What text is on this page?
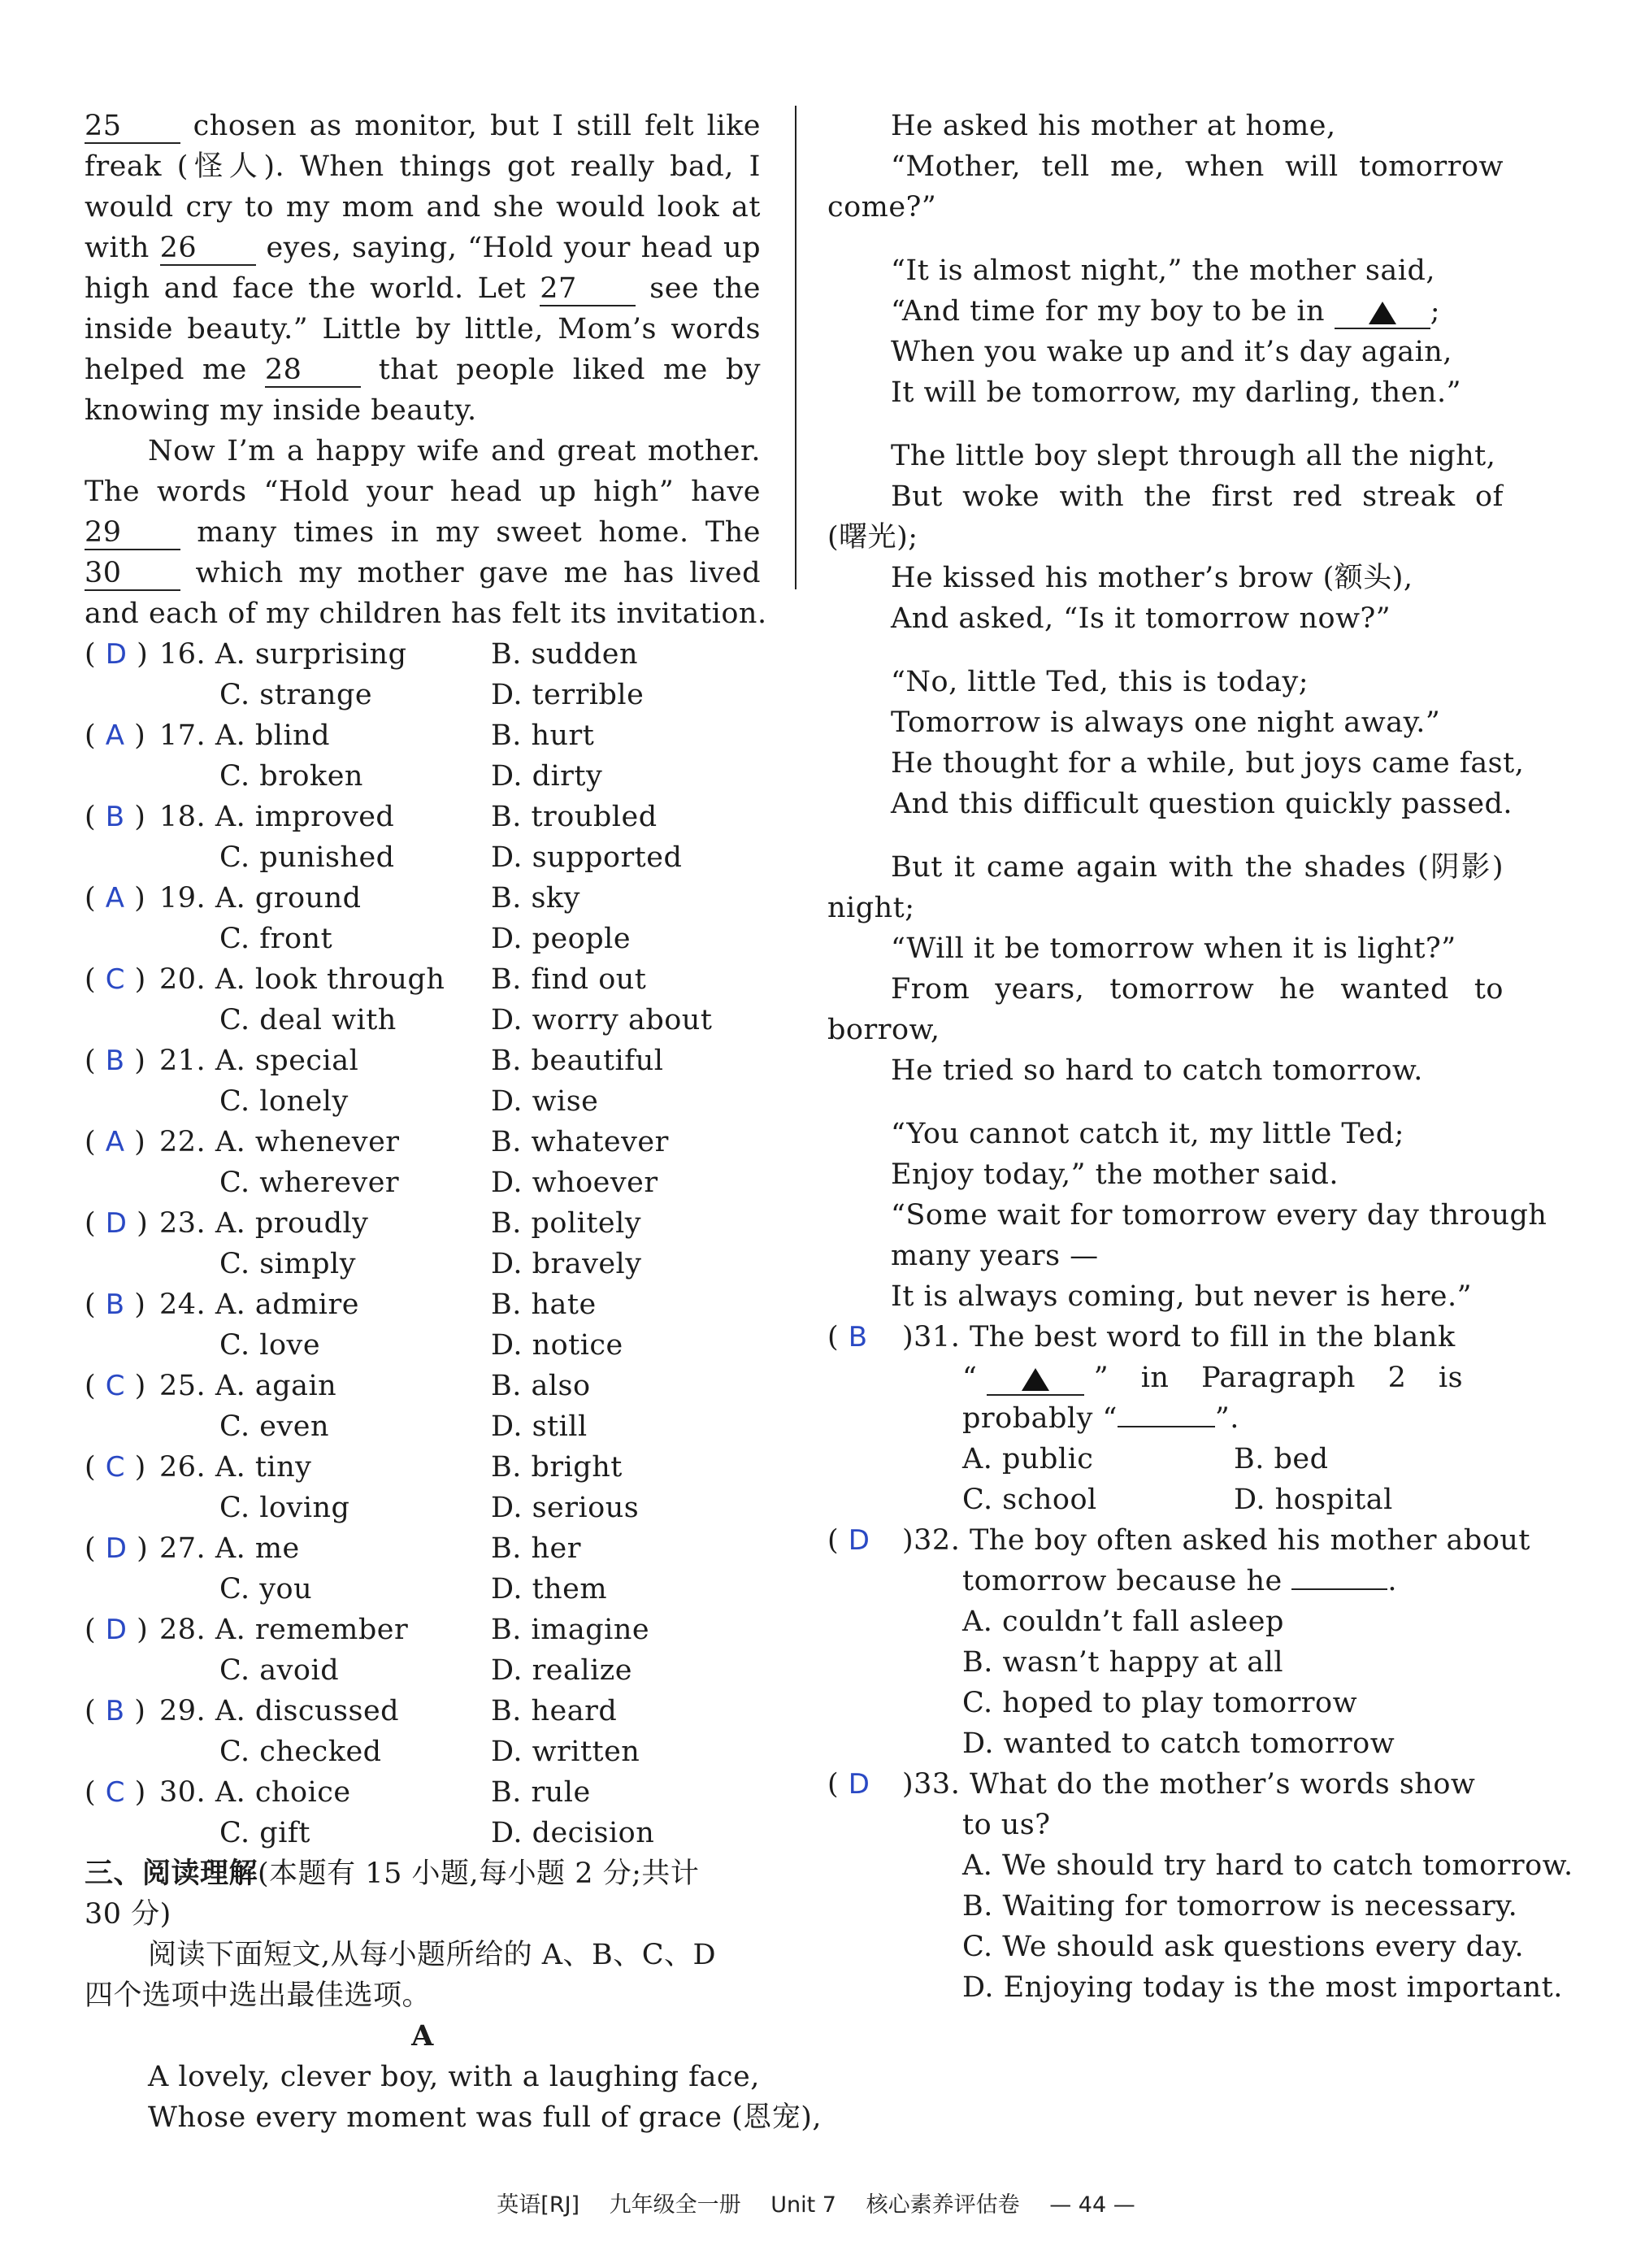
25	chosen as monitor, but I still felt like
freak (怪人). When things got really bad, I
would cry to my mom and she would look at
with 26 eyes, saying, “Hold your head up
high and face the world. Let 27 see the
inside beauty.” Little by little, Mom’s words
helped me 28 that people liked me by
knowing my inside beauty.
Now I’m a happy wife and great mother.
The words “Hold your head up high” have
29 many times in my sweet home. The
30	which my mother gave me has lived
and each of my children has felt its invitation.
( D ) 16. A. surprising	B. sudden
C. strange	D. terrible
( A ) 17. A. blind	B. hurt
C. broken	D. dirty
( B ) 18. A. improved	B. troubled
C. punished	D. supported
( A ) 19. A. ground	B. sky
C. front	D. people
( C ) 20. A. look through B. find out
C. deal with	D. worry about
( B ) 21. A. special	B. beautiful
C. lonely	D. wise
( A ) 22. A. whenever	B. whatever
C. wherever	D. whoever
( D ) 23. A. proudly	B. politely
C. simply	D. bravely
( B ) 24. A. admire	B. hate
C. love	D. notice
( C ) 25. A. again	B. also
C. even	D. still
( C ) 26. A. tiny	B. bright
C. loving	D. serious
( D ) 27. A. me	B. her
C. you	D. them
( D ) 28. A. remember	B. imagine
C. avoid	D. realize
( B ) 29. A. discussed	B. heard
C. checked	D. written
( C ) 30. A. choice	B. rule
C. gift	D. decision
三、阅读理解(本题有 15 小题,每小题 2 分;共计
30 分)
阅读下面短文,从每小题所给的 A、B、C、D
四个选项中选出最佳选项。
A
A lovely, clever boy, with a laughing face,
Whose every moment was full of grace (恩宠),
He asked his mother at home,
“Mother, tell me, when will tomorrow
come?”
“It is almost night,” the mother said,
“And time for my boy to be in	;
When you wake up and it’s day again,
It will be tomorrow, my darling, then.”
The little boy slept through all the night,
But woke with the first red streak of
(曙光);
He kissed his mother’s brow (额头),
And asked, “Is it tomorrow now?”
“No, little Ted, this is today;
Tomorrow is always one night away.”
He thought for a while, but joys came fast,
And this difficult question quickly passed.
But it came again with the shades (阴影)
night;
“Will it be tomorrow when it is light?”
From years, tomorrow he wanted to
borrow,
He tried so hard to catch tomorrow.
“You cannot catch it, my little Ted;
Enjoy today,” the mother said.
“Some wait for tomorrow every day through
many years —
It is always coming, but never is here.”
( B )31. The best word to fill in the blank
“	” in Paragraph 2 is
probably “	”.
A. public	B. bed
C. school	D. hospital
( D )32. The boy often asked his mother about
tomorrow because he	.
A. couldn’t fall asleep
B. wasn’t happy at all
C. hoped to play tomorrow
D. wanted to catch tomorrow
( D )33. What do the mother’s words show
to us?
A. We should try hard to catch tomorrow.
B. Waiting for tomorrow is necessary.
C. We should ask questions every day.
D. Enjoying today is the most important.
英语[RJ] 九年级全一册 Unit 7 核心素养评估卷 — 44 —
